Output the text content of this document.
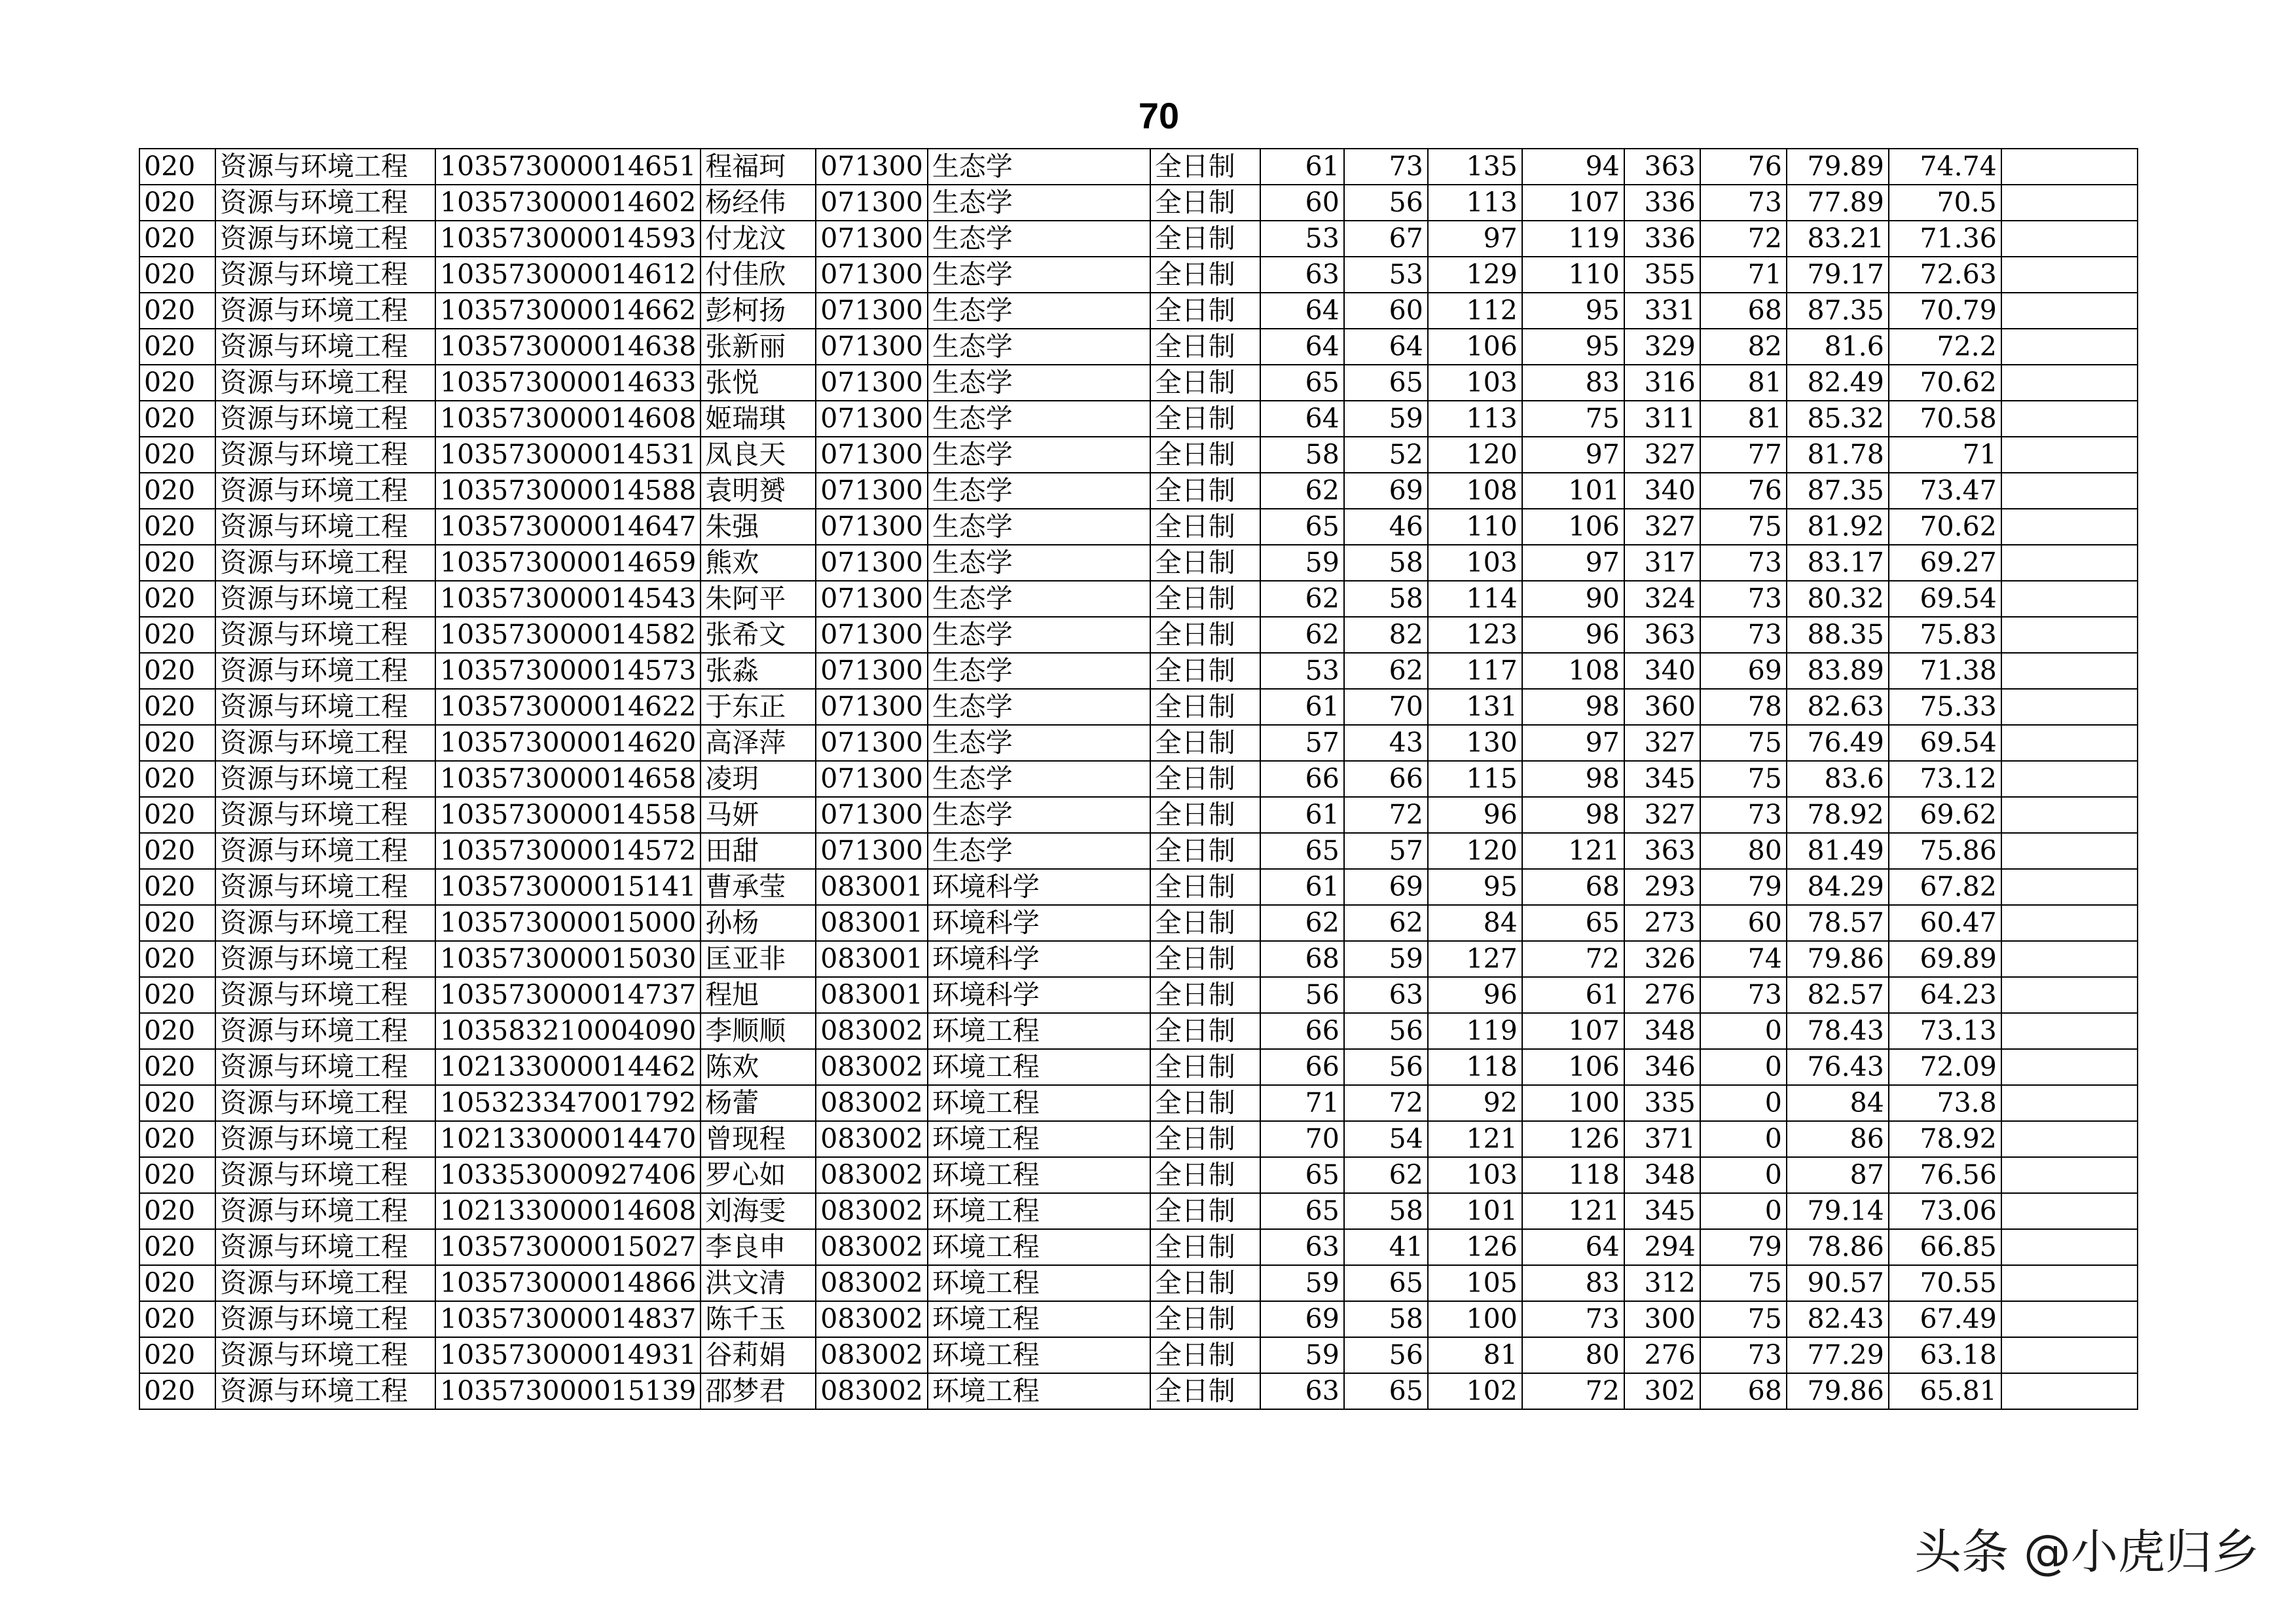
70
020	资源与环境工程	103573000014651	程福珂	071300	生态学	全日制	61	73	135	94	363	76	79.89	74.74	
020	资源与环境工程	103573000014602	杨经伟	071300	生态学	全日制	60	56	113	107	336	73	77.89	70.5	
020	资源与环境工程	103573000014593	付龙汶	071300	生态学	全日制	53	67	97	119	336	72	83.21	71.36	
020	资源与环境工程	103573000014612	付佳欣	071300	生态学	全日制	63	53	129	110	355	71	79.17	72.63	
020	资源与环境工程	103573000014662	彭柯扬	071300	生态学	全日制	64	60	112	95	331	68	87.35	70.79	
020	资源与环境工程	103573000014638	张新丽	071300	生态学	全日制	64	64	106	95	329	82	81.6	72.2	
020	资源与环境工程	103573000014633	张悦	071300	生态学	全日制	65	65	103	83	316	81	82.49	70.62	
020	资源与环境工程	103573000014608	姬瑞琪	071300	生态学	全日制	64	59	113	75	311	81	85.32	70.58	
020	资源与环境工程	103573000014531	凤良天	071300	生态学	全日制	58	52	120	97	327	77	81.78	71	
020	资源与环境工程	103573000014588	袁明赟	071300	生态学	全日制	62	69	108	101	340	76	87.35	73.47	
020	资源与环境工程	103573000014647	朱强	071300	生态学	全日制	65	46	110	106	327	75	81.92	70.62	
020	资源与环境工程	103573000014659	熊欢	071300	生态学	全日制	59	58	103	97	317	73	83.17	69.27	
020	资源与环境工程	103573000014543	朱阿平	071300	生态学	全日制	62	58	114	90	324	73	80.32	69.54	
020	资源与环境工程	103573000014582	张希文	071300	生态学	全日制	62	82	123	96	363	73	88.35	75.83	
020	资源与环境工程	103573000014573	张淼	071300	生态学	全日制	53	62	117	108	340	69	83.89	71.38	
020	资源与环境工程	103573000014622	于东正	071300	生态学	全日制	61	70	131	98	360	78	82.63	75.33	
020	资源与环境工程	103573000014620	高泽萍	071300	生态学	全日制	57	43	130	97	327	75	76.49	69.54	
020	资源与环境工程	103573000014658	凌玥	071300	生态学	全日制	66	66	115	98	345	75	83.6	73.12	
020	资源与环境工程	103573000014558	马妍	071300	生态学	全日制	61	72	96	98	327	73	78.92	69.62	
020	资源与环境工程	103573000014572	田甜	071300	生态学	全日制	65	57	120	121	363	80	81.49	75.86	
020	资源与环境工程	103573000015141	曹承莹	083001	环境科学	全日制	61	69	95	68	293	79	84.29	67.82	
020	资源与环境工程	103573000015000	孙杨	083001	环境科学	全日制	62	62	84	65	273	60	78.57	60.47	
020	资源与环境工程	103573000015030	匡亚非	083001	环境科学	全日制	68	59	127	72	326	74	79.86	69.89	
020	资源与环境工程	103573000014737	程旭	083001	环境科学	全日制	56	63	96	61	276	73	82.57	64.23	
020	资源与环境工程	103583210004090	李顺顺	083002	环境工程	全日制	66	56	119	107	348	0	78.43	73.13	
020	资源与环境工程	102133000014462	陈欢	083002	环境工程	全日制	66	56	118	106	346	0	76.43	72.09	
020	资源与环境工程	105323347001792	杨蕾	083002	环境工程	全日制	71	72	92	100	335	0	84	73.8	
020	资源与环境工程	102133000014470	曾现程	083002	环境工程	全日制	70	54	121	126	371	0	86	78.92	
020	资源与环境工程	103353000927406	罗心如	083002	环境工程	全日制	65	62	103	118	348	0	87	76.56	
020	资源与环境工程	102133000014608	刘海雯	083002	环境工程	全日制	65	58	101	121	345	0	79.14	73.06	
020	资源与环境工程	103573000015027	李良申	083002	环境工程	全日制	63	41	126	64	294	79	78.86	66.85	
020	资源与环境工程	103573000014866	洪文清	083002	环境工程	全日制	59	65	105	83	312	75	90.57	70.55	
020	资源与环境工程	103573000014837	陈千玉	083002	环境工程	全日制	69	58	100	73	300	75	82.43	67.49	
020	资源与环境工程	103573000014931	谷莉娟	083002	环境工程	全日制	59	56	81	80	276	73	77.29	63.18	
020	资源与环境工程	103573000015139	邵梦君	083002	环境工程	全日制	63	65	102	72	302	68	79.86	65.81	
头条 @小虎归乡
